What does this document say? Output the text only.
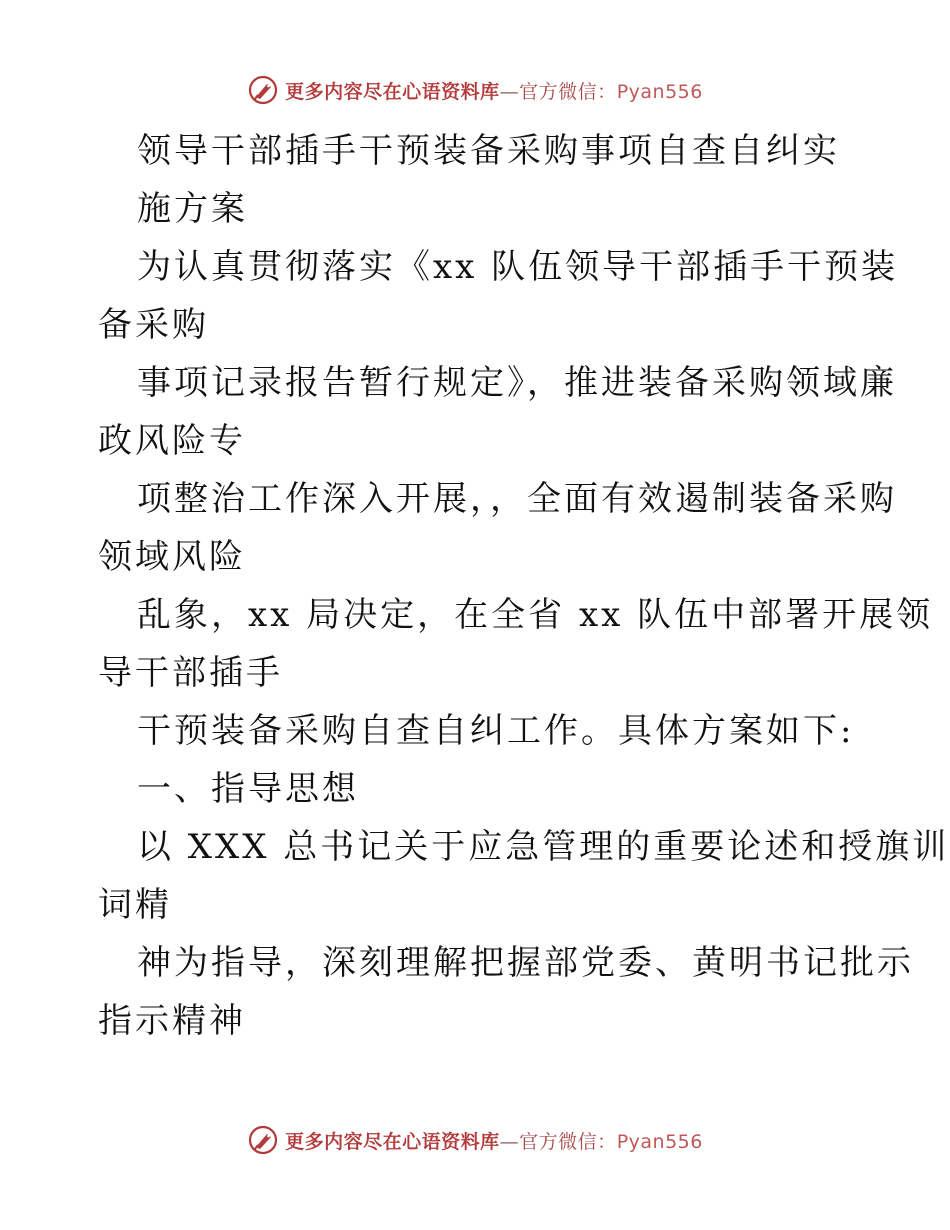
更多内容尽在心语资料库—官方微信：Pyan556
领导干部插手干预装备采购事项自查自纠实
施方案
为认真贯彻落实《xx 队伍领导干部插手干预装
备采购
事项记录报告暂行规定》，推进装备采购领域廉
政风险专
项整治工作深入开展，，全面有效遏制装备采购
领域风险
乱象，xx 局决定，在全省 xx 队伍中部署开展领
导干部插手
干预装备采购自查自纠工作。具体方案如下:
一、指导思想
以 XXX 总书记关于应急管理的重要论述和授旗训
词精
神为指导，深刻理解把握部党委、黄明书记批示
指示精神
更多内容尽在心语资料库—官方微信：Pyan556
